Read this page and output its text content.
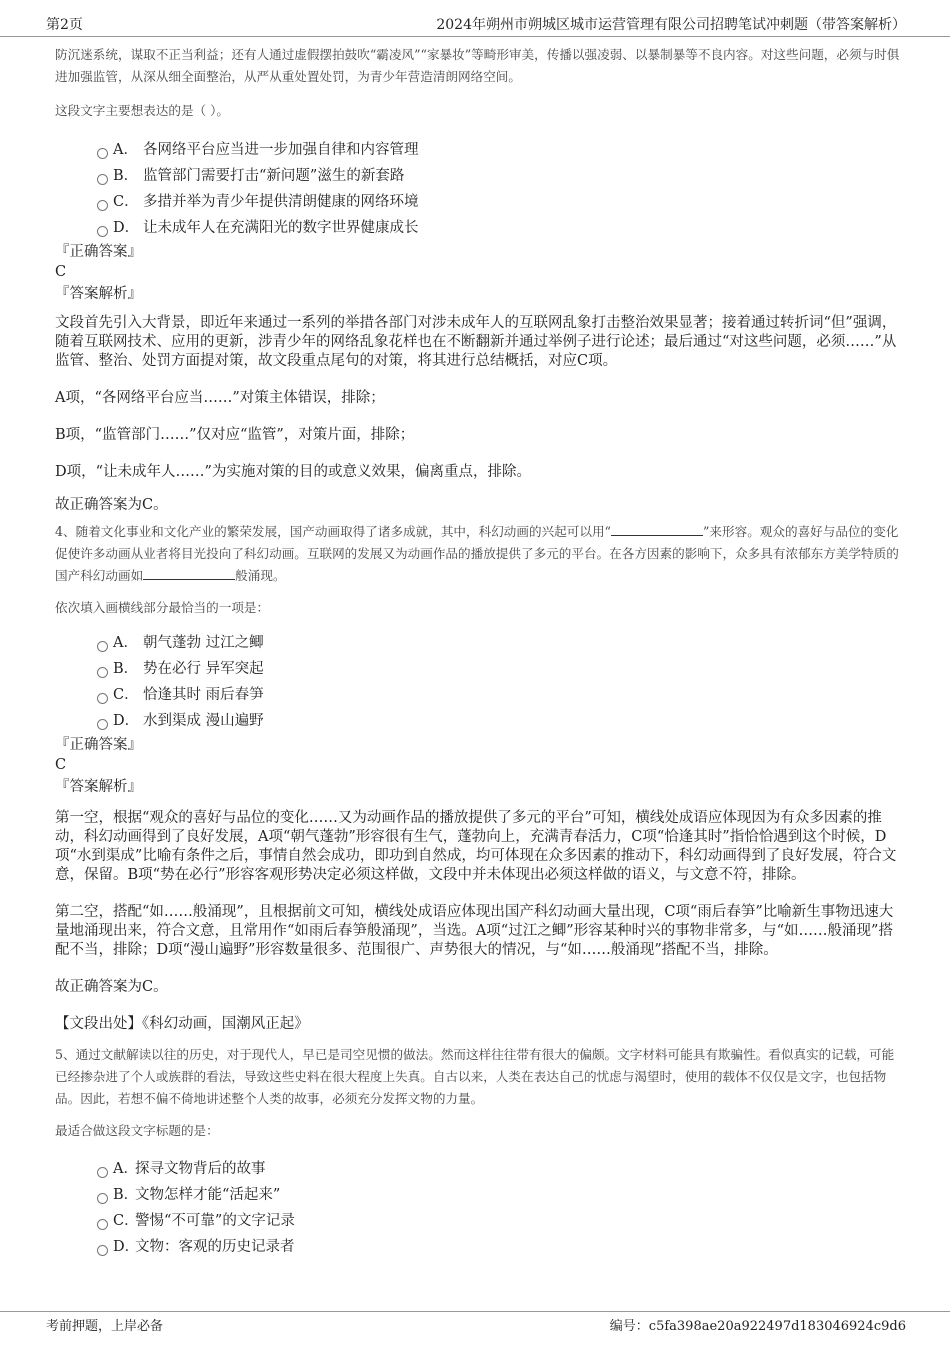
第2页	2024年朔州市朔城区城市运营管理有限公司招聘笔试冲刺题（带答案解析）

防沉迷系统，谋取不正当利益；还有人通过虚假摆拍鼓吹“霸凌风”“家暴妆”等畸形审美，传播以强凌弱、以暴制暴等不良内容。对这些问题，必须与时俱进加强监管，从深从细全面整治，从严从重处置处罚，为青少年营造清朗网络空间。

这段文字主要想表达的是（ ）。

A． 各网络平台应当进一步加强自律和内容管理
B． 监管部门需要打击“新问题”滋生的新套路
C． 多措并举为青少年提供清朗健康的网络环境
D． 让未成年人在充满阳光的数字世界健康成长
『正确答案』
C
『答案解析』

文段首先引入大背景，即近年来通过一系列的举措各部门对涉未成年人的互联网乱象打击整治效果显著；接着通过转折词“但”强调，随着互联网技术、应用的更新，涉青少年的网络乱象花样也在不断翻新并通过举例子进行论述；最后通过“对这些问题，必须……”从监管、整治、处罚方面提对策，故文段重点尾句的对策，将其进行总结概括，对应C项。

A项，“各网络平台应当……”对策主体错误，排除；

B项，“监管部门……”仅对应“监管”，对策片面，排除；

D项，“让未成年人……”为实施对策的目的或意义效果，偏离重点，排除。

故正确答案为C。

4、随着文化事业和文化产业的繁荣发展，国产动画取得了诸多成就，其中，科幻动画的兴起可以用“	”来形容。观众的喜好与品位的变化促使许多动画从业者将目光投向了科幻动画。互联网的发展又为动画作品的播放提供了多元的平台。在各方因素的影响下，众多具有浓郁东方美学特质的国产科幻动画如	般涌现。

依次填入画横线部分最恰当的一项是：

A． 朝气蓬勃 过江之鲫
B． 势在必行 异军突起
C． 恰逢其时 雨后春笋
D． 水到渠成 漫山遍野
『正确答案』
C
『答案解析』

第一空，根据“观众的喜好与品位的变化……又为动画作品的播放提供了多元的平台”可知，横线处成语应体现因为有众多因素的推动，科幻动画得到了良好发展，A项“朝气蓬勃”形容很有生气，蓬勃向上，充满青春活力，C项“恰逢其时”指恰恰遇到这个时候，D项“水到渠成”比喻有条件之后，事情自然会成功，即功到自然成，均可体现在众多因素的推动下，科幻动画得到了良好发展，符合文意，保留。B项“势在必行”形容客观形势决定必须这样做，文段中并未体现出必须这样做的语义，与文意不符，排除。

第二空，搭配“如……般涌现”，且根据前文可知，横线处成语应体现出国产科幻动画大量出现，C项“雨后春笋”比喻新生事物迅速大量地涌现出来，符合文意，且常用作“如雨后春笋般涌现”，当选。A项“过江之鲫”形容某种时兴的事物非常多，与“如……般涌现”搭配不当，排除；D项“漫山遍野”形容数量很多、范围很广、声势很大的情况，与“如……般涌现”搭配不当，排除。

故正确答案为C。

【文段出处】《科幻动画，国潮风正起》

5、通过文献解读以往的历史，对于现代人，早已是司空见惯的做法。然而这样往往带有很大的偏颇。文字材料可能具有欺骗性。看似真实的记载，可能已经掺杂进了个人或族群的看法，导致这些史料在很大程度上失真。自古以来，人类在表达自己的忧虑与渴望时，使用的载体不仅仅是文字，也包括物品。因此，若想不偏不倚地讲述整个人类的故事，必须充分发挥文物的力量。

最适合做这段文字标题的是：

A．探寻文物背后的故事
B．文物怎样才能“活起来”
C．警惕“不可靠”的文字记录
D．文物：客观的历史记录者
考前押题，上岸必备	编号：c5fa398ae20a922497d183046924c9d6
